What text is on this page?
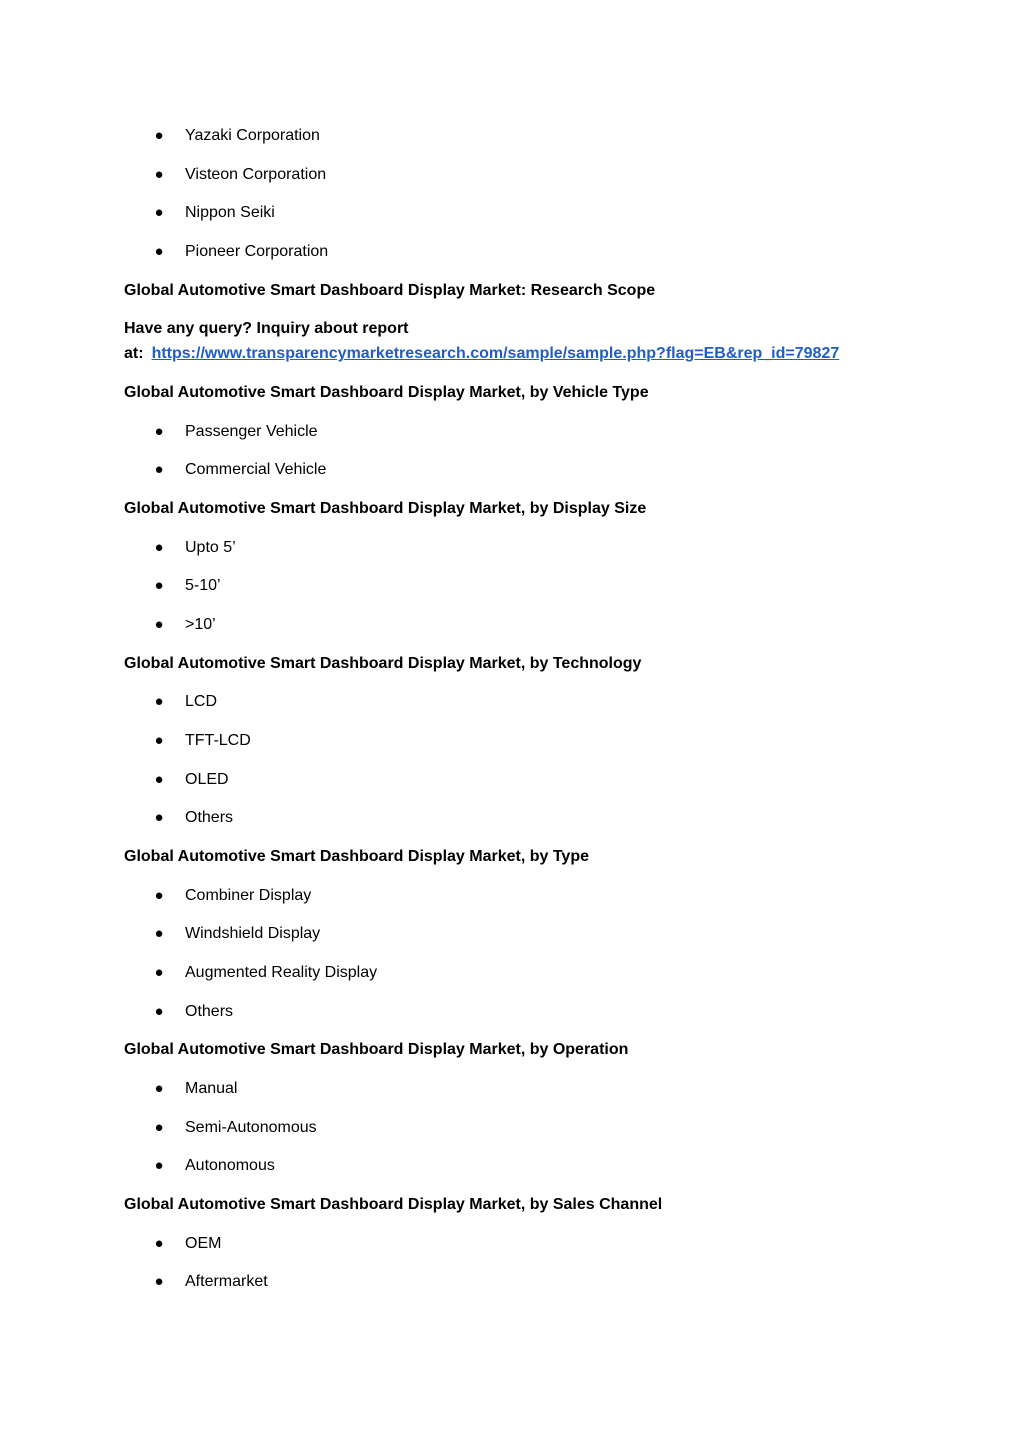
● Yazaki Corporation
● Visteon Corporation
● Nippon Seiki
● Pioneer Corporation
Global Automotive Smart Dashboard Display Market: Research Scope
Have any query? Inquiry about report
at: https://www.transparencymarketresearch.com/sample/sample.php?flag=EB&rep_id=79827
Global Automotive Smart Dashboard Display Market, by Vehicle Type
● Passenger Vehicle
● Commercial Vehicle
Global Automotive Smart Dashboard Display Market, by Display Size
● Upto 5’
● 5-10’
● >10’
Global Automotive Smart Dashboard Display Market, by Technology
● LCD
● TFT-LCD
● OLED
● Others
Global Automotive Smart Dashboard Display Market, by Type
● Combiner Display
● Windshield Display
● Augmented Reality Display
● Others
Global Automotive Smart Dashboard Display Market, by Operation
● Manual
● Semi-Autonomous
● Autonomous
Global Automotive Smart Dashboard Display Market, by Sales Channel
● OEM
● Aftermarket
